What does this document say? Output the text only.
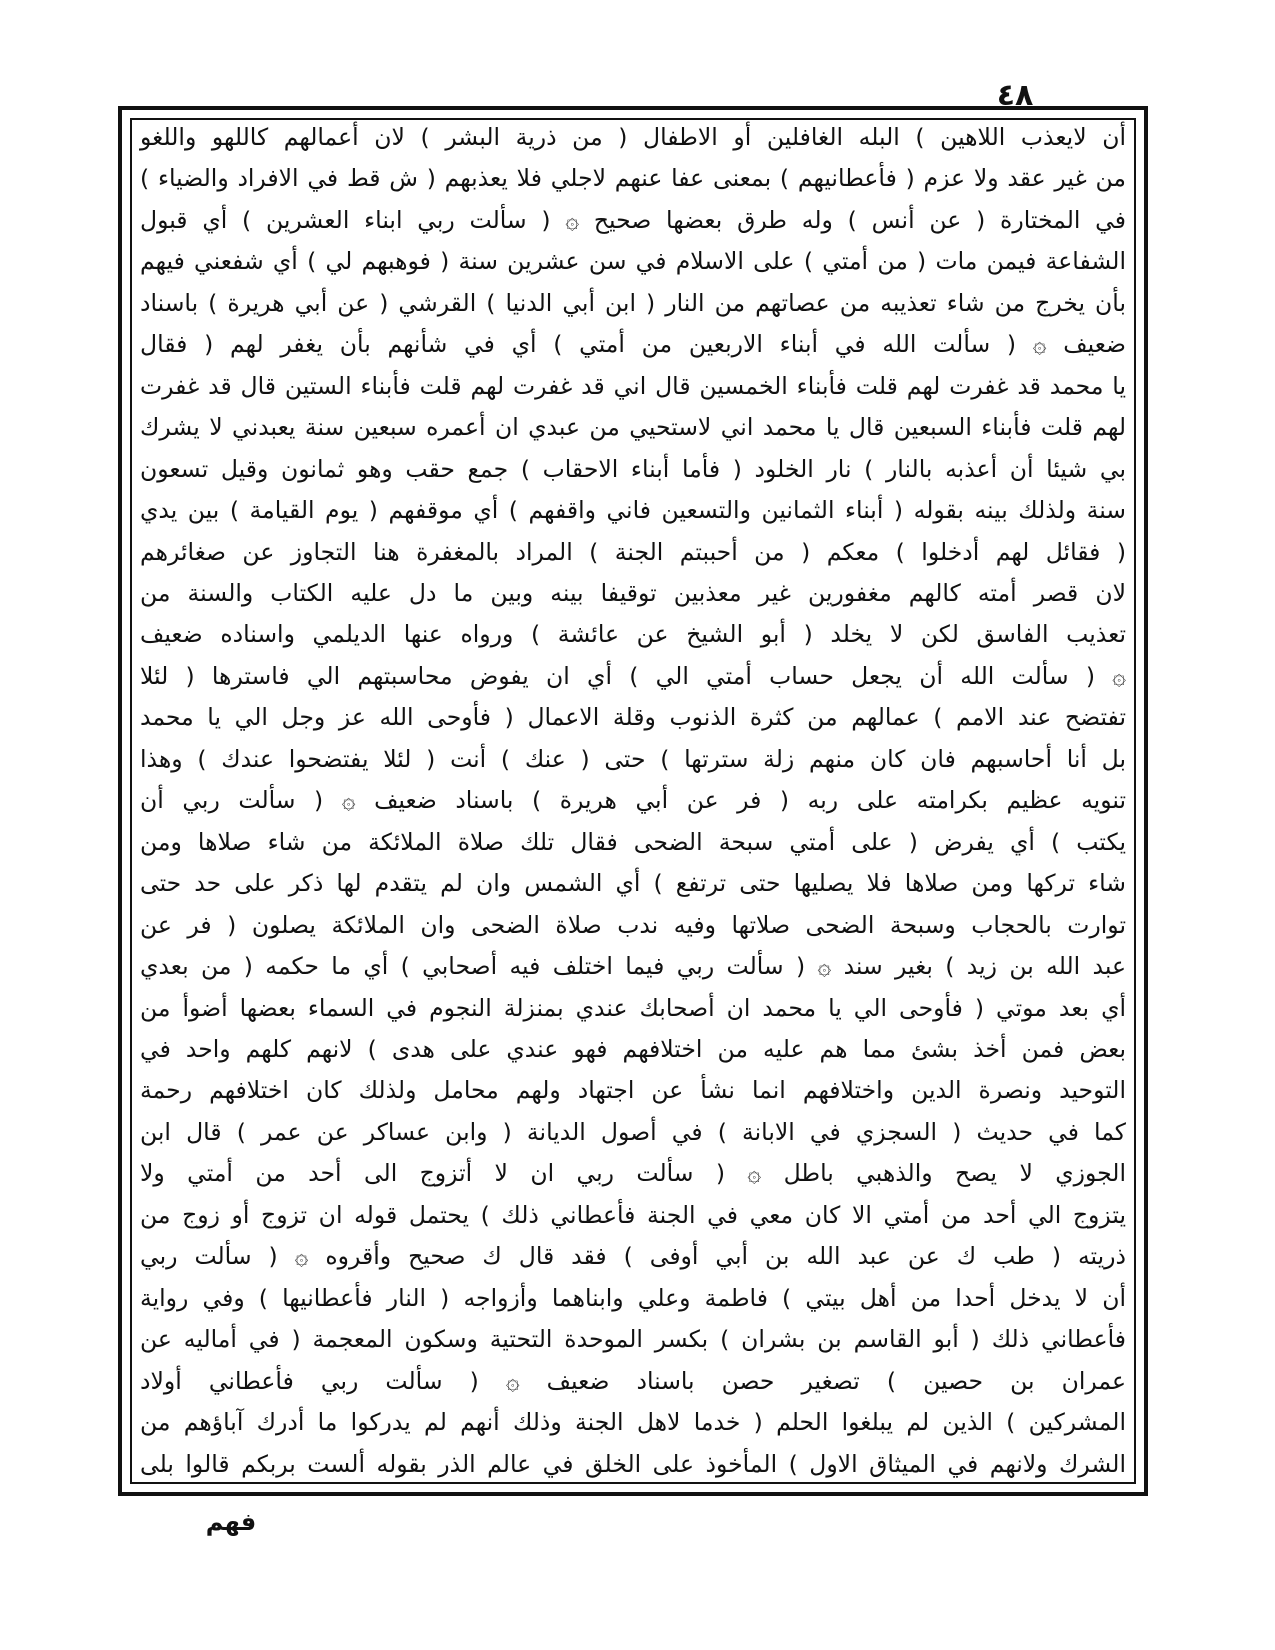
٤٨
أن لايعذب اللاهين ) البله الغافلين أو الاطفال ( من ذرية البشر ) لان أعمالهم كاللهو واللغو
من غير عقد ولا عزم ( فأعطانيهم ) بمعنى عفا عنهم لاجلي فلا يعذبهم ( ش قط في الافراد والضياء )
في المختارة ( عن أنس ) وله طرق بعضها صحيح ۞ ( سألت ربي ابناء العشرين ) أي قبول
الشفاعة فيمن مات ( من أمتي ) على الاسلام في سن عشرين سنة ( فوهبهم لي ) أي شفعني فيهم
بأن يخرج من شاء تعذيبه من عصاتهم من النار ( ابن أبي الدنيا ) القرشي ( عن أبي هريرة ) باسناد
ضعيف ۞ ( سألت الله في أبناء الاربعين من أمتي ) أي في شأنهم بأن يغفر لهم ( فقال
يا محمد قد غفرت لهم قلت فأبناء الخمسين قال اني قد غفرت لهم قلت فأبناء الستين قال قد غفرت
لهم قلت فأبناء السبعين قال يا محمد اني لاستحيي من عبدي ان أعمره سبعين سنة يعبدني لا يشرك
بي شيئا أن أعذبه بالنار ) نار الخلود ( فأما أبناء الاحقاب ) جمع حقب وهو ثمانون وقيل تسعون
سنة ولذلك بينه بقوله ( أبناء الثمانين والتسعين فاني واقفهم ) أي موقفهم ( يوم القيامة ) بين يدي
( فقائل لهم أدخلوا ) معكم ( من أحببتم الجنة ) المراد بالمغفرة هنا التجاوز عن صغائرهم
لان قصر أمته كالهم مغفورين غير معذبين توقيفا بينه وبين ما دل عليه الكتاب والسنة من
تعذيب الفاسق لكن لا يخلد ( أبو الشيخ عن عائشة ) ورواه عنها الديلمي واسناده ضعيف
۞ ( سألت الله أن يجعل حساب أمتي الي ) أي ان يفوض محاسبتهم الي فاسترها ( لئلا
تفتضح عند الامم ) عمالهم من كثرة الذنوب وقلة الاعمال ( فأوحى الله عز وجل الي يا محمد
بل أنا أحاسبهم فان كان منهم زلة سترتها ) حتى ( عنك ) أنت ( لئلا يفتضحوا عندك ) وهذا
تنويه عظيم بكرامته على ربه ( فر عن أبي هريرة ) باسناد ضعيف ۞ ( سألت ربي أن
يكتب ) أي يفرض ( على أمتي سبحة الضحى فقال تلك صلاة الملائكة من شاء صلاها ومن
شاء تركها ومن صلاها فلا يصليها حتى ترتفع ) أي الشمس وان لم يتقدم لها ذكر على حد حتى
توارت بالحجاب وسبحة الضحى صلاتها وفيه ندب صلاة الضحى وان الملائكة يصلون ( فر عن
عبد الله بن زيد ) بغير سند ۞ ( سألت ربي فيما اختلف فيه أصحابي ) أي ما حكمه ( من بعدي
أي بعد موتي ( فأوحى الي يا محمد ان أصحابك عندي بمنزلة النجوم في السماء بعضها أضوأ من
بعض فمن أخذ بشئ مما هم عليه من اختلافهم فهو عندي على هدى ) لانهم كلهم واحد في
التوحيد ونصرة الدين واختلافهم انما نشأ عن اجتهاد ولهم محامل ولذلك كان اختلافهم رحمة
كما في حديث ( السجزي في الابانة ) في أصول الديانة ( وابن عساكر عن عمر ) قال ابن
الجوزي لا يصح والذهبي باطل ۞ ( سألت ربي ان لا أتزوج الى أحد من أمتي ولا
يتزوج الي أحد من أمتي الا كان معي في الجنة فأعطاني ذلك ) يحتمل قوله ان تزوج أو زوج من
ذريته ( طب ك عن عبد الله بن أبي أوفى ) فقد قال ك صحيح وأقروه ۞ ( سألت ربي
أن لا يدخل أحدا من أهل بيتي ) فاطمة وعلي وابناهما وأزواجه ( النار فأعطانيها ) وفي رواية
فأعطاني ذلك ( أبو القاسم بن بشران ) بكسر الموحدة التحتية وسكون المعجمة ( في أماليه عن
عمران بن حصين ) تصغير حصن باسناد ضعيف ۞ ( سألت ربي فأعطاني أولاد
المشركين ) الذين لم يبلغوا الحلم ( خدما لاهل الجنة وذلك أنهم لم يدركوا ما أدرك آباؤهم من
الشرك ولانهم في الميثاق الاول ) المأخوذ على الخلق في عالم الذر بقوله ألست بربكم قالوا بلى
فهم
